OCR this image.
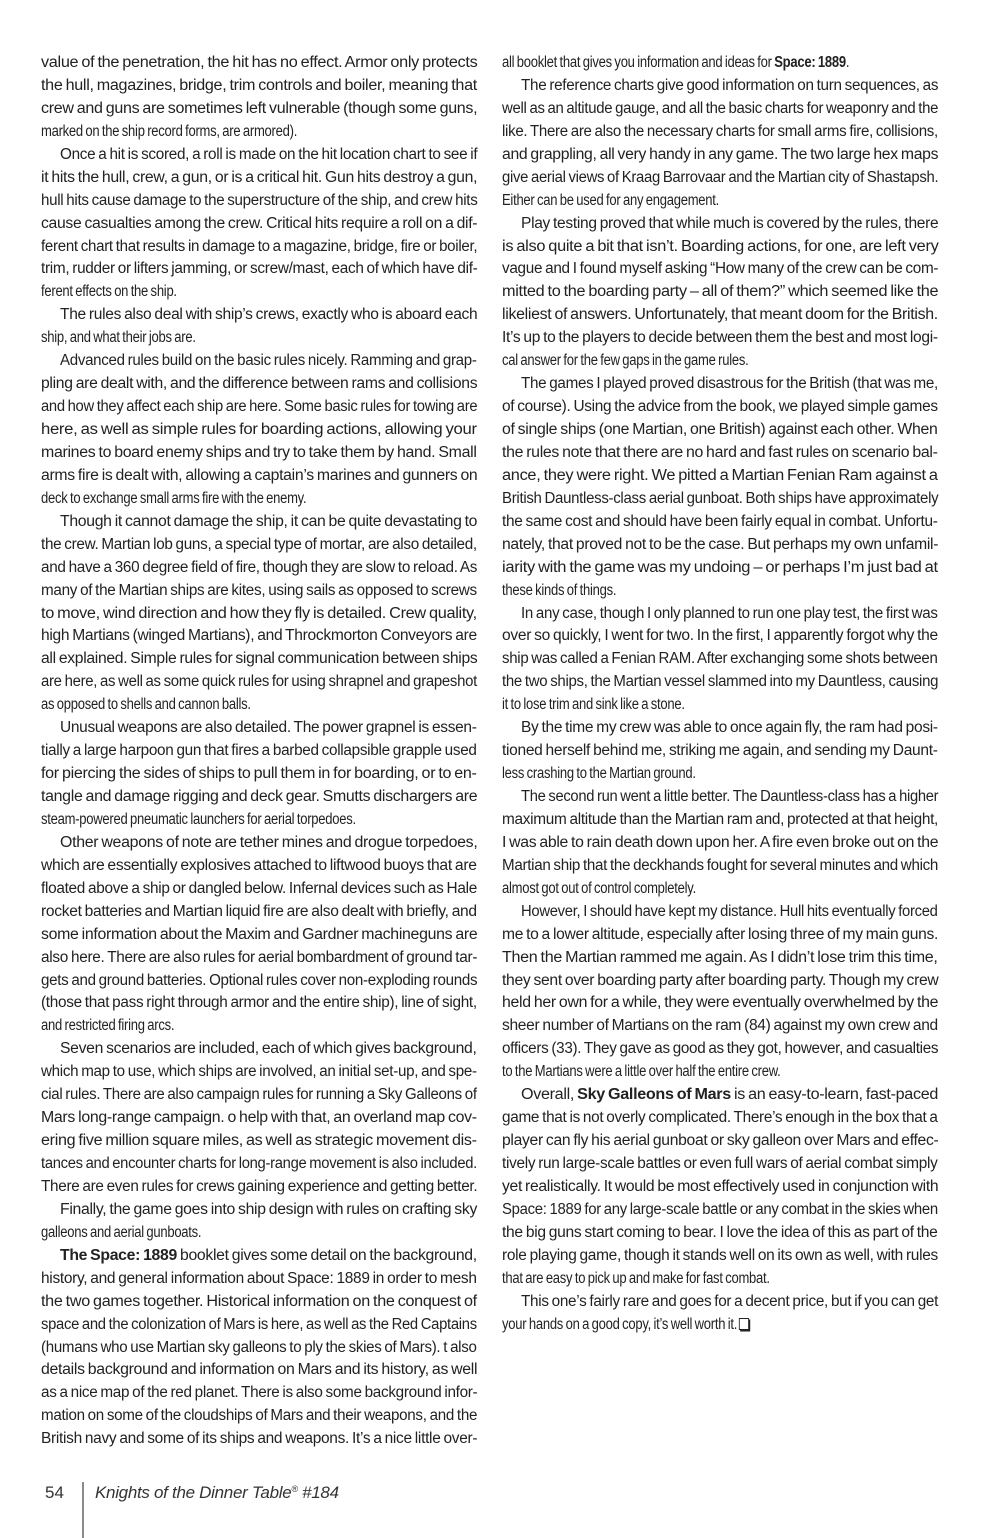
value of the penetration, the hit has no effect. Armor only protects
the hull, magazines, bridge, trim controls and boiler, meaning that
crew and guns are sometimes left vulnerable (though some guns,
marked on the ship record forms, are armored).
Once a hit is scored, a roll is made on the hit location chart to see if
it hits the hull, crew, a gun, or is a critical hit. Gun hits destroy a gun,
hull hits cause damage to the superstructure of the ship, and crew hits
cause casualties among the crew. Critical hits require a roll on a dif-
ferent chart that results in damage to a magazine, bridge, fire or boiler,
trim, rudder or lifters jamming, or screw/mast, each of which have dif-
ferent effects on the ship.
The rules also deal with ship’s crews, exactly who is aboard each
ship, and what their jobs are.
Advanced rules build on the basic rules nicely. Ramming and grap-
pling are dealt with, and the difference between rams and collisions
and how they affect each ship are here. Some basic rules for towing are
here, as well as simple rules for boarding actions, allowing your
marines to board enemy ships and try to take them by hand. Small
arms fire is dealt with, allowing a captain’s marines and gunners on
deck to exchange small arms fire with the enemy.
Though it cannot damage the ship, it can be quite devastating to
the crew. Martian lob guns, a special type of mortar, are also detailed,
and have a 360 degree field of fire, though they are slow to reload. As
many of the Martian ships are kites, using sails as opposed to screws
to move, wind direction and how they fly is detailed. Crew quality,
high Martians (winged Martians), and Throckmorton Conveyors are
all explained. Simple rules for signal communication between ships
are here, as well as some quick rules for using shrapnel and grapeshot
as opposed to shells and cannon balls.
Unusual weapons are also detailed. The power grapnel is essen-
tially a large harpoon gun that fires a barbed collapsible grapple used
for piercing the sides of ships to pull them in for boarding, or to en-
tangle and damage rigging and deck gear. Smutts dischargers are
steam-powered pneumatic launchers for aerial torpedoes.
Other weapons of note are tether mines and drogue torpedoes,
which are essentially explosives attached to liftwood buoys that are
floated above a ship or dangled below. Infernal devices such as Hale
rocket batteries and Martian liquid fire are also dealt with briefly, and
some information about the Maxim and Gardner machineguns are
also here. There are also rules for aerial bombardment of ground tar-
gets and ground batteries. Optional rules cover non-exploding rounds
(those that pass right through armor and the entire ship), line of sight,
and restricted firing arcs.
Seven scenarios are included, each of which gives background,
which map to use, which ships are involved, an initial set-up, and spe-
cial rules. There are also campaign rules for running a Sky Galleons of
Mars long-range campaign. o help with that, an overland map cov-
ering five million square miles, as well as strategic movement dis-
tances and encounter charts for long-range movement is also included.
There are even rules for crews gaining experience and getting better.
Finally, the game goes into ship design with rules on crafting sky
galleons and aerial gunboats.
The Space: 1889 booklet gives some detail on the background,
history, and general information about Space: 1889 in order to mesh
the two games together. Historical information on the conquest of
space and the colonization of Mars is here, as well as the Red Captains
(humans who use Martian sky galleons to ply the skies of Mars). t also
details background and information on Mars and its history, as well
as a nice map of the red planet. There is also some background infor-
mation on some of the cloudships of Mars and their weapons, and the
British navy and some of its ships and weapons. It’s a nice little over-
all booklet that gives you information and ideas for Space: 1889.
The reference charts give good information on turn sequences, as
well as an altitude gauge, and all the basic charts for weaponry and the
like. There are also the necessary charts for small arms fire, collisions,
and grappling, all very handy in any game. The two large hex maps
give aerial views of Kraag Barrovaar and the Martian city of Shastapsh.
Either can be used for any engagement.
Play testing proved that while much is covered by the rules, there
is also quite a bit that isn’t. Boarding actions, for one, are left very
vague and I found myself asking “How many of the crew can be com-
mitted to the boarding party – all of them?” which seemed like the
likeliest of answers. Unfortunately, that meant doom for the British.
It’s up to the players to decide between them the best and most logi-
cal answer for the few gaps in the game rules.
The games I played proved disastrous for the British (that was me,
of course). Using the advice from the book, we played simple games
of single ships (one Martian, one British) against each other. When
the rules note that there are no hard and fast rules on scenario bal-
ance, they were right. We pitted a Martian Fenian Ram against a
British Dauntless-class aerial gunboat. Both ships have approximately
the same cost and should have been fairly equal in combat. Unfortu-
nately, that proved not to be the case. But perhaps my own unfamil-
iarity with the game was my undoing – or perhaps I’m just bad at
these kinds of things.
In any case, though I only planned to run one play test, the first was
over so quickly, I went for two. In the first, I apparently forgot why the
ship was called a Fenian RAM. After exchanging some shots between
the two ships, the Martian vessel slammed into my Dauntless, causing
it to lose trim and sink like a stone.
By the time my crew was able to once again fly, the ram had posi-
tioned herself behind me, striking me again, and sending my Daunt-
less crashing to the Martian ground.
The second run went a little better. The Dauntless-class has a higher
maximum altitude than the Martian ram and, protected at that height,
I was able to rain death down upon her. A fire even broke out on the
Martian ship that the deckhands fought for several minutes and which
almost got out of control completely.
However, I should have kept my distance. Hull hits eventually forced
me to a lower altitude, especially after losing three of my main guns.
Then the Martian rammed me again. As I didn’t lose trim this time,
they sent over boarding party after boarding party. Though my crew
held her own for a while, they were eventually overwhelmed by the
sheer number of Martians on the ram (84) against my own crew and
officers (33). They gave as good as they got, however, and casualties
to the Martians were a little over half the entire crew.
Overall, Sky Galleons of Mars is an easy-to-learn, fast-paced
game that is not overly complicated. There’s enough in the box that a
player can fly his aerial gunboat or sky galleon over Mars and effec-
tively run large-scale battles or even full wars of aerial combat simply
yet realistically. It would be most effectively used in conjunction with
Space: 1889 for any large-scale battle or any combat in the skies when
the big guns start coming to bear. I love the idea of this as part of the
role playing game, though it stands well on its own as well, with rules
that are easy to pick up and make for fast combat.
This one’s fairly rare and goes for a decent price, but if you can get
your hands on a good copy, it’s well worth it.
54 Knights of the Dinner Table® #184
